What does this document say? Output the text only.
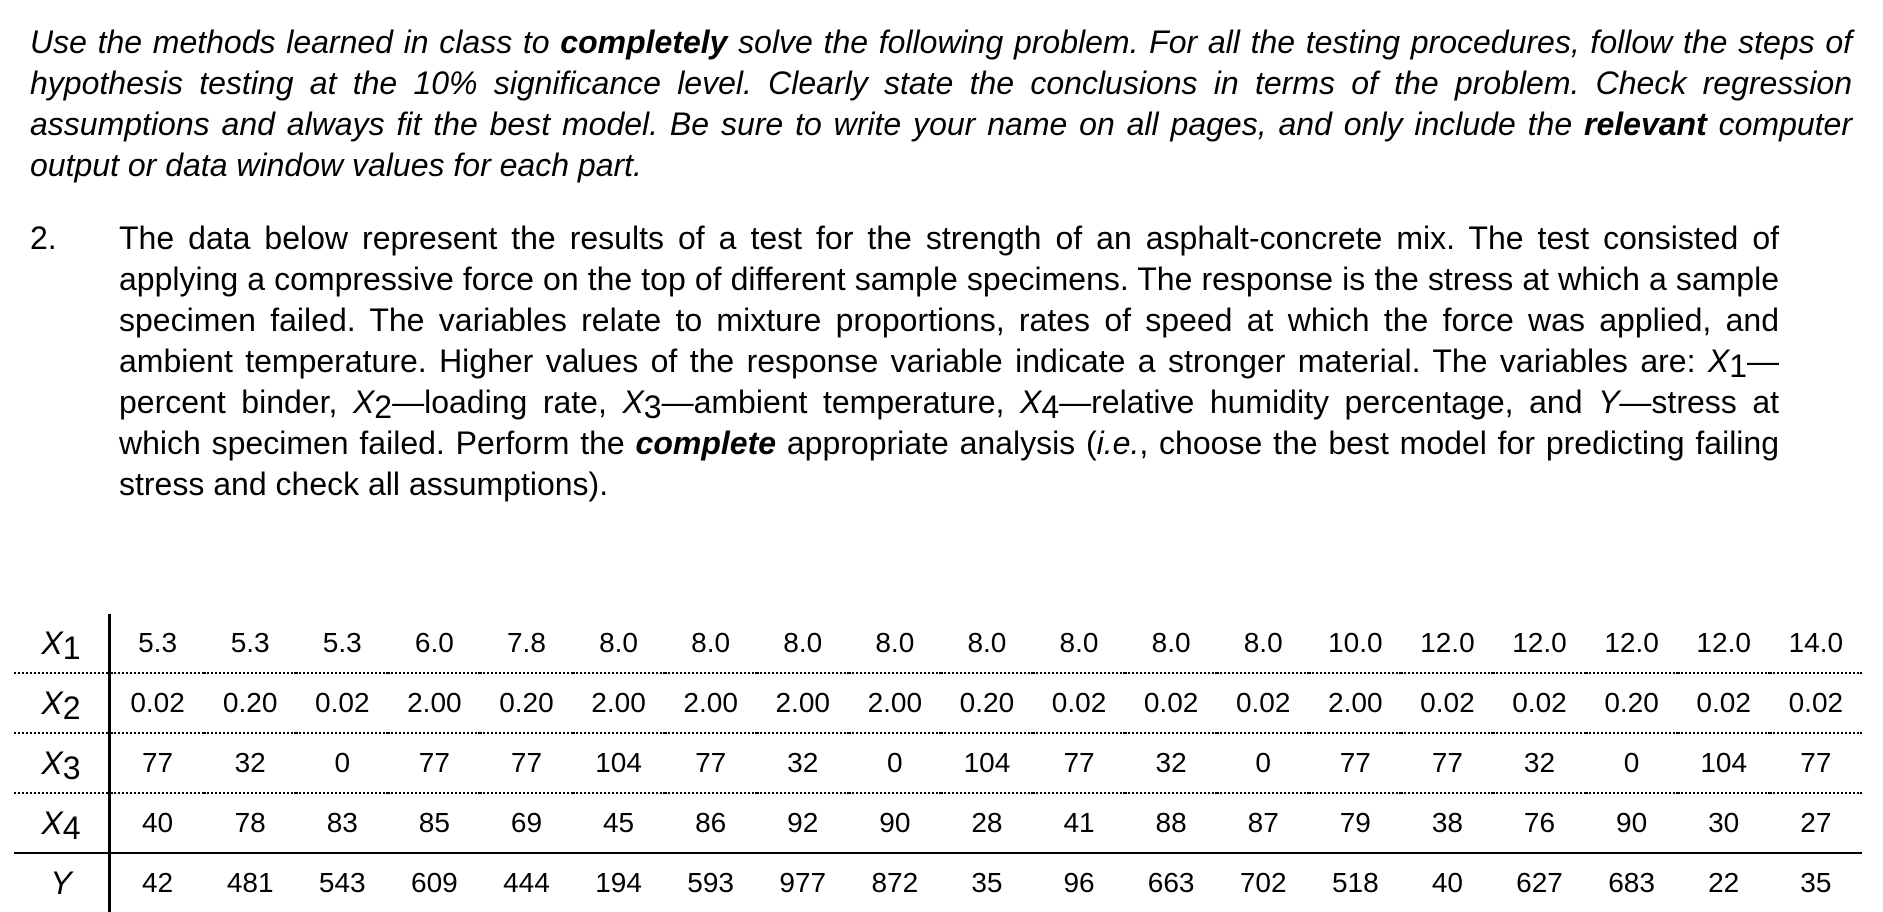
Use the methods learned in class to completely solve the following problem. For all the testing procedures, follow the steps of hypothesis testing at the 10% significance level. Clearly state the conclusions in terms of the problem. Check regression assumptions and always fit the best model. Be sure to write your name on all pages, and only include the relevant computer output or data window values for each part.
2. The data below represent the results of a test for the strength of an asphalt-concrete mix. The test consisted of applying a compressive force on the top of different sample specimens. The response is the stress at which a sample specimen failed. The variables relate to mixture proportions, rates of speed at which the force was applied, and ambient temperature. Higher values of the response variable indicate a stronger material. The variables are: X1—percent binder, X2—loading rate, X3—ambient temperature, X4—relative humidity percentage, and Y—stress at which specimen failed. Perform the complete appropriate analysis (i.e., choose the best model for predicting failing stress and check all assumptions).
X1	5.3	5.3	5.3	6.0	7.8	8.0	8.0	8.0	8.0	8.0	8.0	8.0	8.0	10.0	12.0	12.0	12.0	12.0	14.0
X2	0.02	0.20	0.02	2.00	0.20	2.00	2.00	2.00	2.00	0.20	0.02	0.02	0.02	2.00	0.02	0.02	0.20	0.02	0.02
X3	77	32	0	77	77	104	77	32	0	104	77	32	0	77	77	32	0	104	77
X4	40	78	83	85	69	45	86	92	90	28	41	88	87	79	38	76	90	30	27
Y	42	481	543	609	444	194	593	977	872	35	96	663	702	518	40	627	683	22	35
